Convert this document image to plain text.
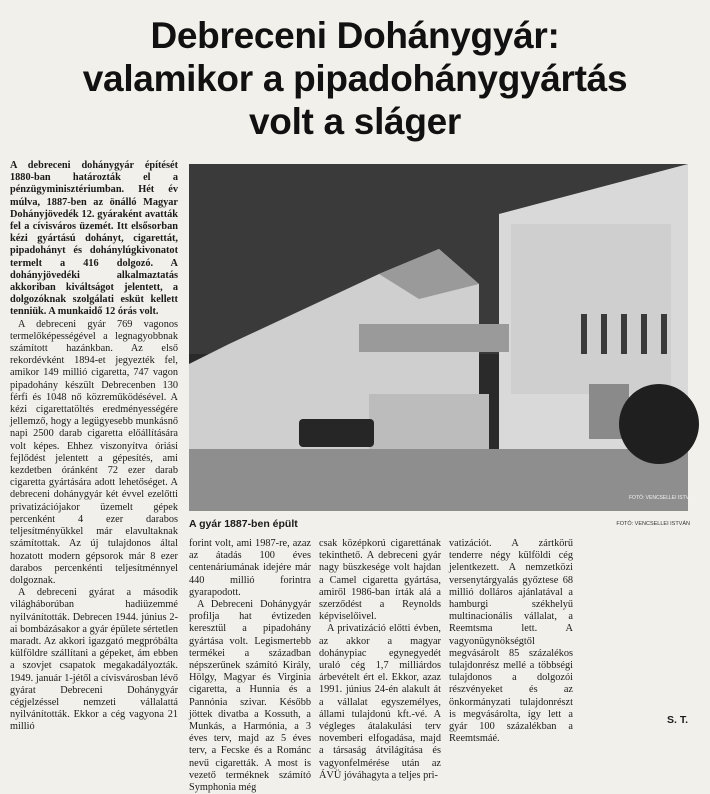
Debreceni Dohánygyár:
valamikor a pipadohánygyártás
volt a sláger

A debreceni dohánygyár építését 1880-ban határozták el a pénzügyminisztériumban. Hét év múlva, 1887-ben az önálló Magyar Dohányjövedék 12. gyáraként avatták fel a cívisváros üzemét. Itt elsősorban kézi gyártású dohányt, cigarettát, pipadohányt és dohánylúgkivonatot termelt a 416 dolgozó. A dohányjövedéki alkalmaztatás akkoriban kiváltságot jelentett, a dolgozóknak szolgálati esküt kellett tenniük. A munkaidő 12 órás volt.

A debreceni gyár 769 vagonos termelőképességével a legnagyobbnak számított hazánkban. Az első rekordévként 1894-et jegyezték fel, amikor 149 millió cigaretta, 747 vagon pipadohány készült Debrecenben 130 férfi és 1048 nő közreműködésével. A kézi cigarettatöltés eredményességére jellemző, hogy a legügyesebb munkásnő napi 2500 darab cigaretta előállítására volt képes. Ehhez viszonyítva óriási fejlődést jelentett a gépesítés, ami kezdetben óránként 72 ezer darab cigaretta gyártására adott lehetőséget. A debreceni dohánygyár két évvel ezelőtti privatizációjakor üzemelt gépek percenként 4 ezer darabos teljesítményükkel már elavultaknak számítottak. Az új tulajdonos által hozatott modern gépsorok már 8 ezer darabos percenkénti teljesítménnyel dolgoznak.

A debreceni gyárat a második világháborúban hadiüzemmé nyilvánították. Debrecen 1944. június 2-ai bombázásakor a gyár épülete sértetlen maradt. Az akkori igazgató megpróbálta külföldre szállítani a gépeket, ám ebben a szovjet csapatok megakadályozták. 1949. január 1-jétől a cívisvárosban lévő gyárat Debreceni Dohánygyár cégjelzéssel nemzeti vállalattá nyilvánították. Ekkor a cég vagyona 21 millió

FOTÓ: VENCSELLEI ISTVÁN
A gyár 1887-ben épült	FOTÓ: VENCSELLEI ISTVÁN

forint volt, ami 1987-re, azaz az átadás 100 éves centenáriumának idejére már 440 millió forintra gyarapodott.

A Debreceni Dohánygyár profilja hat évtizeden keresztül a pipadohány gyártása volt. Legismertebb termékei a században népszerűnek számító Király, Hölgy, Magyar és Virginia cigaretta, a Hunnia és a Pannónia szivar. Később jöttek divatba a Kossuth, a Munkás, a Harmónia, a 3 éves terv, majd az 5 éves terv, a Fecske és a Románc nevű cigaretták. A most is vezető terméknek számító Symphonia még

csak középkorú cigarettának tekinthető. A debreceni gyár nagy büszkesége volt hajdan a Camel cigaretta gyártása, amiről 1986-ban írták alá a szerződést a Reynolds képviselőivel.

A privatizáció előtti évben, az akkor a magyar dohánypiac egynegyedét uraló cég 1,7 milliárdos árbevételt ért el. Ekkor, azaz 1991. június 24-én alakult át a vállalat egyszemélyes, állami tulajdonú kft.-vé. A végleges átalakulási terv novemberi elfogadása, majd a társaság átvilágítása és vagyonfelmérése után az ÁVÜ jóváhagyta a teljes pri-

vatizációt. A zártkörű tenderre négy külföldi cég jelentkezett. A nemzetközi versenytárgyalás győztese 68 millió dolláros ajánlatával a hamburgi székhelyű multinacionális vállalat, a Reemtsma lett. A vagyonügynökségtől megvásárolt 85 százalékos tulajdonrész mellé a többségi tulajdonos a dolgozói részvényeket és az önkormányzati tulajdonrészt is megvásárolta, így lett a gyár 100 százalékban a Reemtsmáé.

S. T.
